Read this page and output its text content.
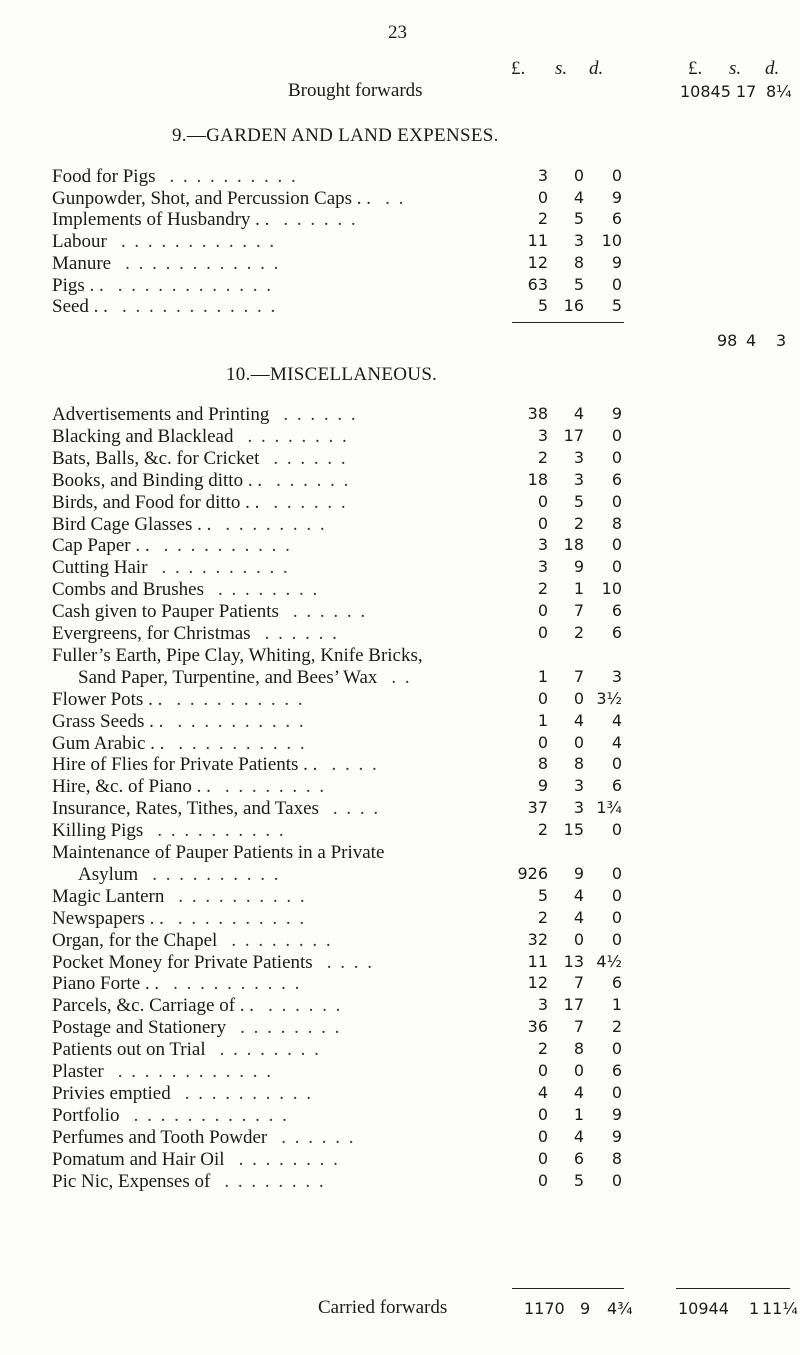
23
£. s. d.	£. s. d.
Brought forwards	10845 17 8¼
9.—GARDEN AND LAND EXPENSES.
Food for Pigs . . . . . . . . . .	3 0 0
Gunpowder, Shot, and Percussion Caps . . . .	0 4 9
Implements of Husbandry . . . . . . . .	2 5 6
Labour . . . . . . . . . . . .	11 3 10
Manure . . . . . . . . . . . .	12 8 9
Pigs . . . . . . . . . . . . . .	63 5 0
Seed . . . . . . . . . . . . . .	5 16 5
98 4 3
10.—MISCELLANEOUS.
Advertisements and Printing . . . . . .	38 4 9
Blacking and Blacklead . . . . . . . .	3 17 0
Bats, Balls, &c. for Cricket . . . . . .	2 3 0
Books, and Binding ditto . . . . . . . .	18 3 6
Birds, and Food for ditto . . . . . . . .	0 5 0
Bird Cage Glasses . . . . . . . . . .	0 2 8
Cap Paper . . . . . . . . . . . .	3 18 0
Cutting Hair . . . . . . . . . .	3 9 0
Combs and Brushes . . . . . . . .	2 1 10
Cash given to Pauper Patients . . . . . .	0 7 6
Evergreens, for Christmas . . . . . .	0 2 6
Fuller’s Earth, Pipe Clay, Whiting, Knife Bricks,
Sand Paper, Turpentine, and Bees’ Wax . .	1 7 3
Flower Pots . . . . . . . . . . . .	0 0 3½
Grass Seeds . . . . . . . . . . . .	1 4 4
Gum Arabic . . . . . . . . . . . .	0 0 4
Hire of Flies for Private Patients . . . . . .	8 8 0
Hire, &c. of Piano . . . . . . . . . .	9 3 6
Insurance, Rates, Tithes, and Taxes . . . .	37 3 1¾
Killing Pigs . . . . . . . . . .	2 15 0
Maintenance of Pauper Patients in a Private
Asylum . . . . . . . . . .	926 9 0
Magic Lantern . . . . . . . . . .	5 4 0
Newspapers . . . . . . . . . . . .	2 4 0
Organ, for the Chapel . . . . . . . .	32 0 0
Pocket Money for Private Patients . . . .	11 13 4½
Piano Forte . . . . . . . . . . . .	12 7 6
Parcels, &c. Carriage of . . . . . . . .	3 17 1
Postage and Stationery . . . . . . . .	36 7 2
Patients out on Trial . . . . . . . .	2 8 0
Plaster . . . . . . . . . . . .	0 0 6
Privies emptied . . . . . . . . . .	4 4 0
Portfolio . . . . . . . . . . . .	0 1 9
Perfumes and Tooth Powder . . . . . .	0 4 9
Pomatum and Hair Oil . . . . . . . .	0 6 8
Pic Nic, Expenses of . . . . . . . .	0 5 0
Carried forwards	1170 9 4¾	10944 1 11¼
